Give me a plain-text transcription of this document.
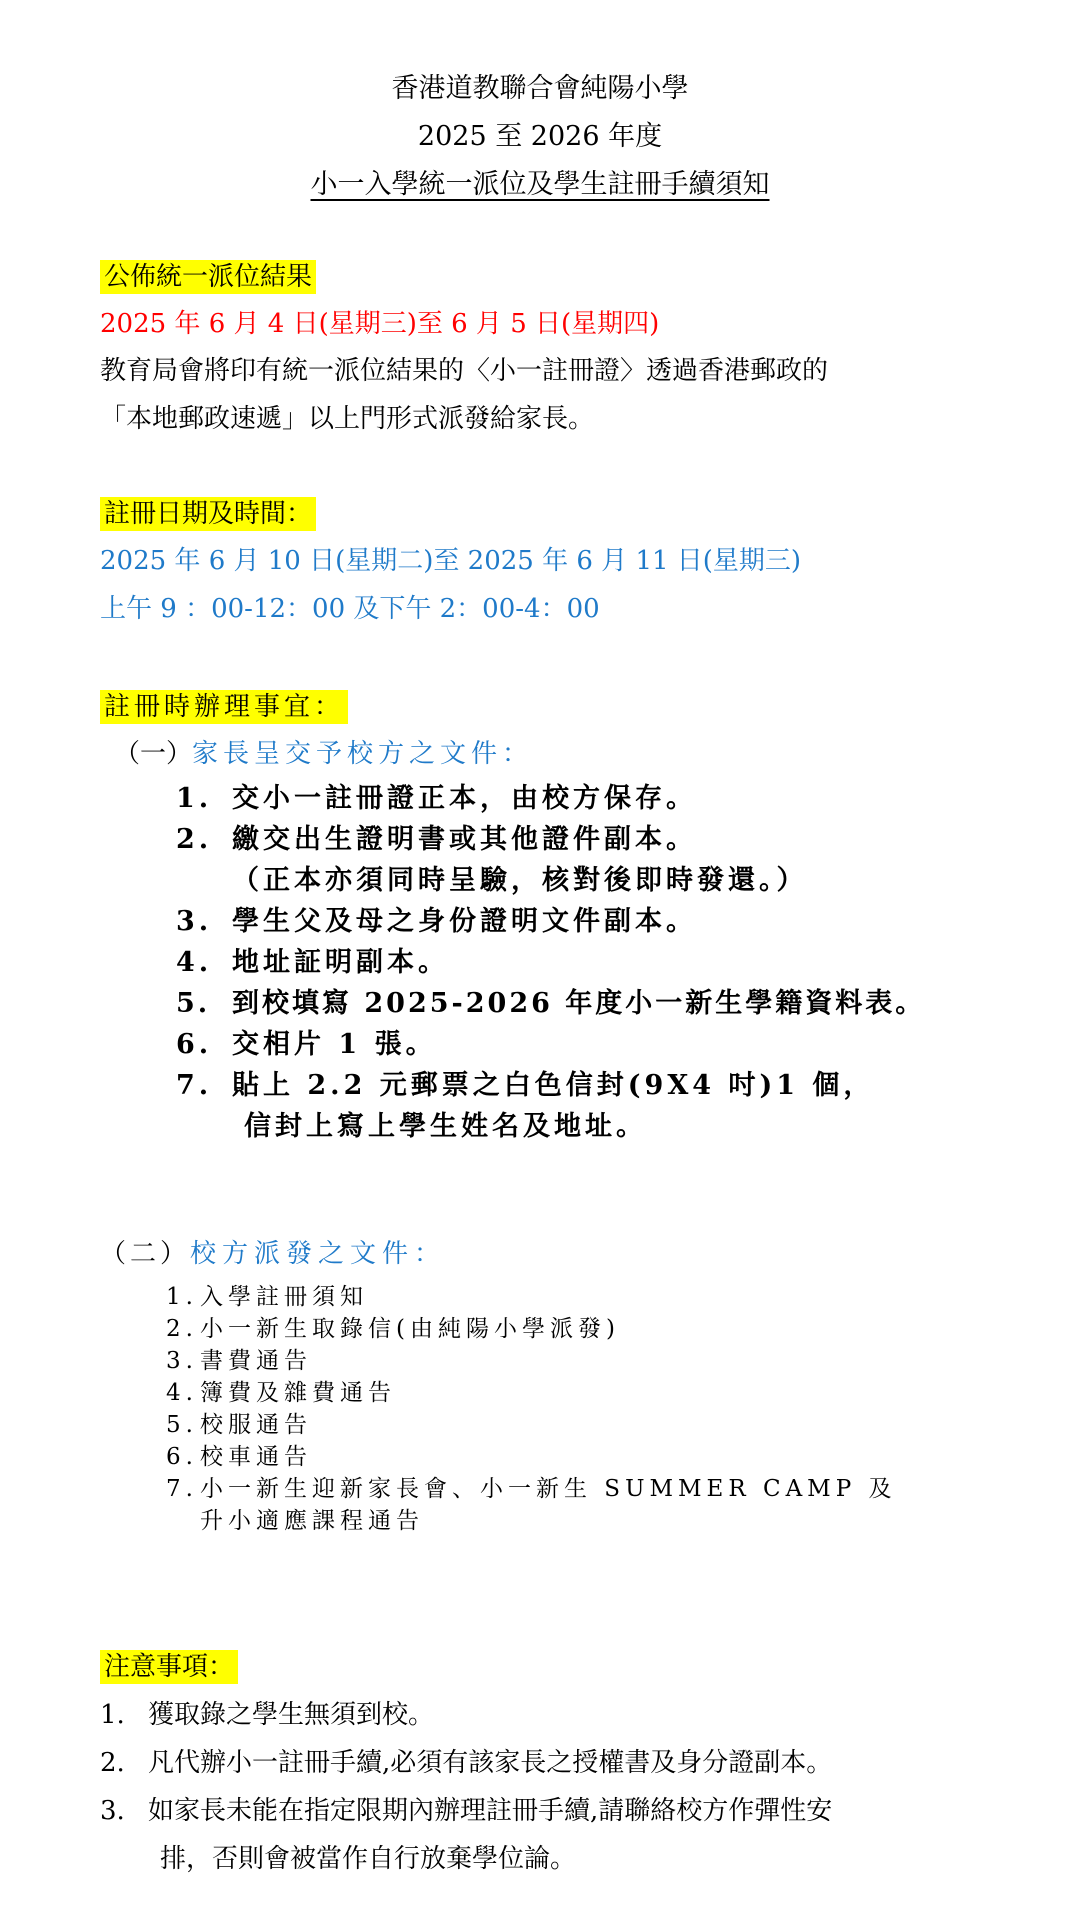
香港道教聯合會純陽小學
2025 至 2026 年度
小一入學統一派位及學生註冊手續須知
公佈統一派位結果
2025 年 6 月 4 日(星期三)至 6 月 5 日(星期四)
教育局會將印有統一派位結果的〈小一註冊證〉透過香港郵政的
「本地郵政速遞」以上門形式派發給家長。
註冊日期及時間：
2025 年 6 月 10 日(星期二)至 2025 年 6 月 11 日(星期三)
上午 9 ：00-12：00 及下午 2：00-4：00
註冊時辦理事宜：
（一）家長呈交予校方之文件：
1. 交小一註冊證正本，由校方保存。
2. 繳交出生證明書或其他證件副本。
（正本亦須同時呈驗，核對後即時發還。）
3. 學生父及母之身份證明文件副本。
4. 地址証明副本。
5. 到校填寫 2025-2026 年度小一新生學籍資料表。
6. 交相片 1 張。
7. 貼上 2.2 元郵票之白色信封(9X4 吋)1 個，
信封上寫上學生姓名及地址。
（二）校方派發之文件：
1.入學註冊須知
2.小一新生取錄信(由純陽小學派發)
3.書費通告
4.簿費及雜費通告
5.校服通告
6.校車通告
7.小一新生迎新家長會、小一新生 SUMMER CAMP 及
升小適應課程通告
注意事項：
1. 獲取錄之學生無須到校。
2. 凡代辦小一註冊手續,必須有該家長之授權書及身分證副本。
3. 如家長未能在指定限期內辦理註冊手續,請聯絡校方作彈性安
排，否則會被當作自行放棄學位論。
